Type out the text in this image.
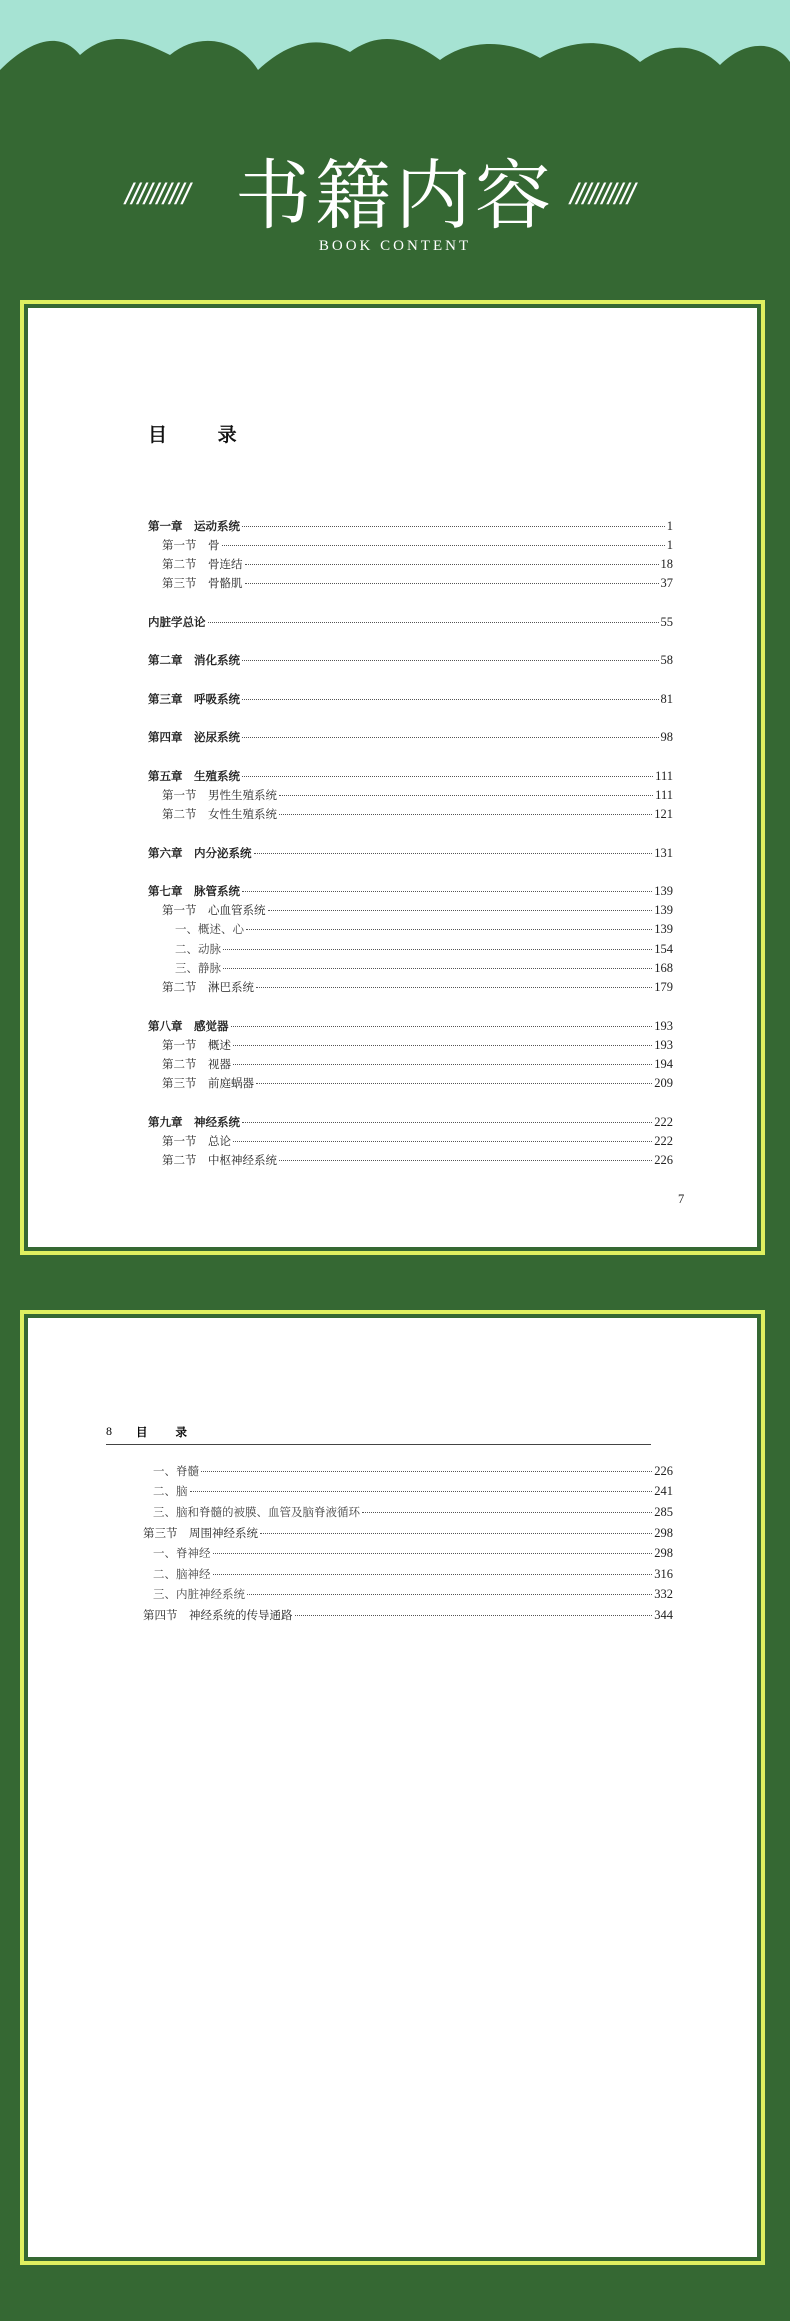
////////// 书籍内容
BOOK CONTENT
//////////
目 录
第一章　运动系统	1
第一节　骨	1
第二节　骨连结	18
第三节　骨骼肌	37
内脏学总论	55
第二章　消化系统	58
第三章　呼吸系统	81
第四章　泌尿系统	98
第五章　生殖系统	111
第一节　男性生殖系统	111
第二节　女性生殖系统	121
第六章　内分泌系统	131
第七章　脉管系统	139
第一节　心血管系统	139
一、概述、心	139
二、动脉	154
三、静脉	168
第二节　淋巴系统	179
第八章　感觉器	193
第一节　概述	193
第二节　视器	194
第三节　前庭蜗器	209
第九章　神经系统	222
第一节　总论	222
第二节　中枢神经系统	226
7
8 目 录
一、脊髓	226
二、脑	241
三、脑和脊髓的被膜、血管及脑脊液循环	285
第三节　周围神经系统	298
一、脊神经	298
二、脑神经	316
三、内脏神经系统	332
第四节　神经系统的传导通路	344
